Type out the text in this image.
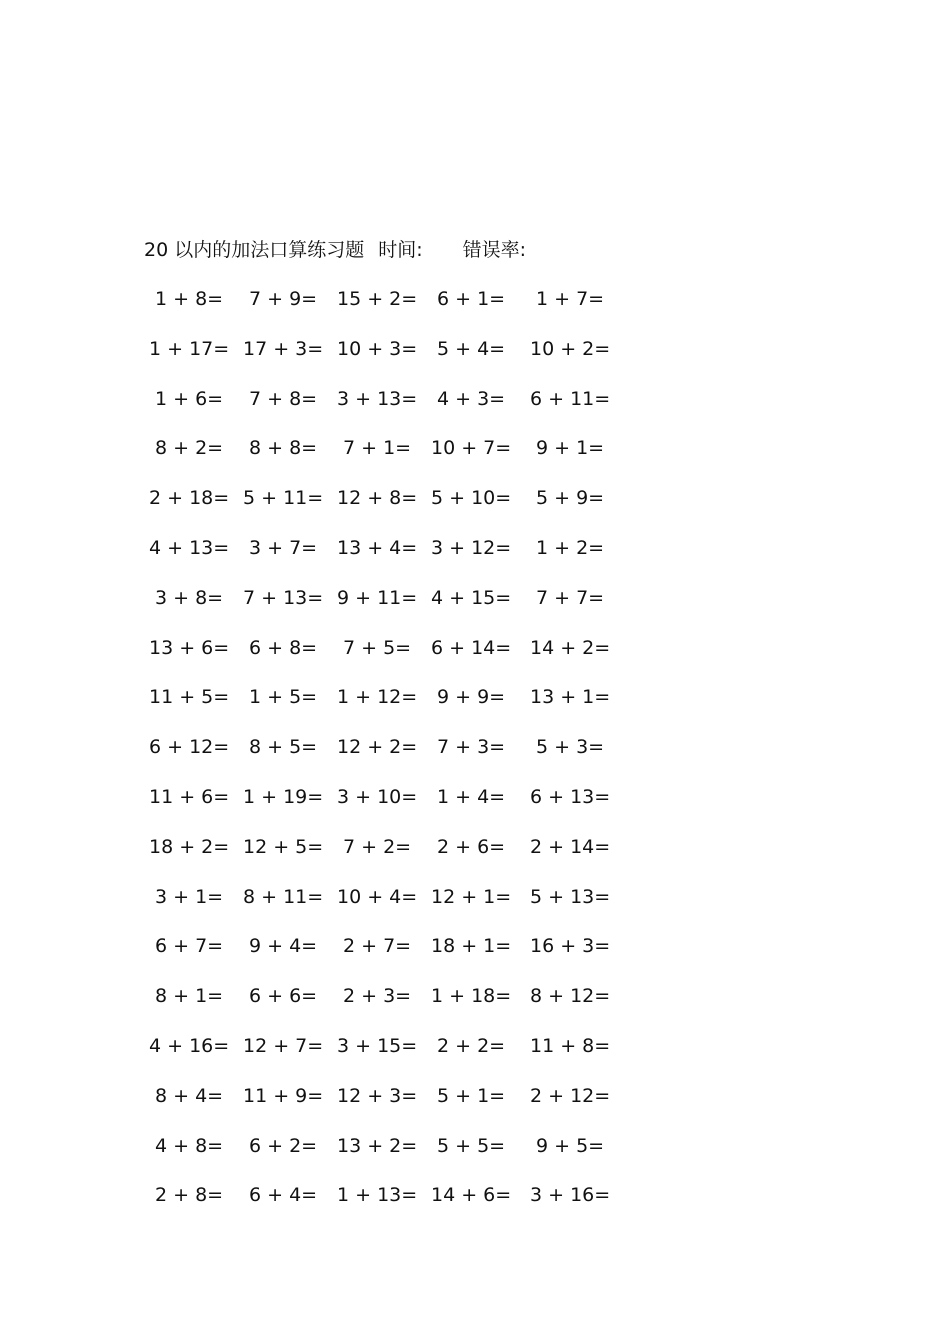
20 以内的加法口算练习题 时间: 错误率:
1 + 8= 7 + 9= 15 + 2= 6 + 1= 1 + 7=
1 + 17= 17 + 3= 10 + 3= 5 + 4= 10 + 2=
1 + 6= 7 + 8= 3 + 13= 4 + 3= 6 + 11=
8 + 2= 8 + 8= 7 + 1= 10 + 7= 9 + 1=
2 + 18= 5 + 11= 12 + 8= 5 + 10= 5 + 9=
4 + 13= 3 + 7= 13 + 4= 3 + 12= 1 + 2=
3 + 8= 7 + 13= 9 + 11= 4 + 15= 7 + 7=
13 + 6= 6 + 8= 7 + 5= 6 + 14= 14 + 2=
11 + 5= 1 + 5= 1 + 12= 9 + 9= 13 + 1=
6 + 12= 8 + 5= 12 + 2= 7 + 3= 5 + 3=
11 + 6= 1 + 19= 3 + 10= 1 + 4= 6 + 13=
18 + 2= 12 + 5= 7 + 2= 2 + 6= 2 + 14=
3 + 1= 8 + 11= 10 + 4= 12 + 1= 5 + 13=
6 + 7= 9 + 4= 2 + 7= 18 + 1= 16 + 3=
8 + 1= 6 + 6= 2 + 3= 1 + 18= 8 + 12=
4 + 16= 12 + 7= 3 + 15= 2 + 2= 11 + 8=
8 + 4= 11 + 9= 12 + 3= 5 + 1= 2 + 12=
4 + 8= 6 + 2= 13 + 2= 5 + 5= 9 + 5=
2 + 8= 6 + 4= 1 + 13= 14 + 6= 3 + 16=
